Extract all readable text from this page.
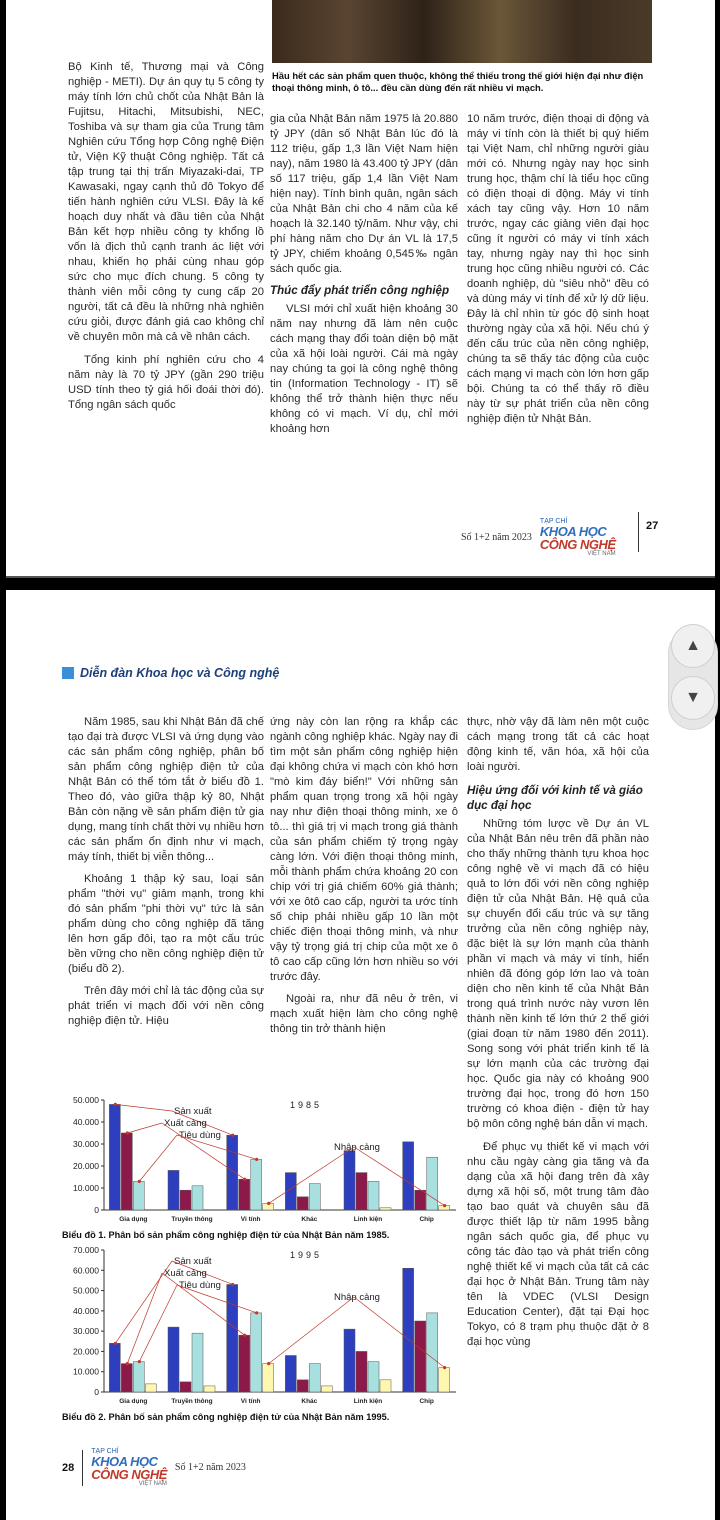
Hầu hết các sản phẩm quen thuộc, không thể thiếu trong thế giới hiện đại như điện thoại thông minh, ô tô... đều cần dùng đến rất nhiều vi mạch.

Bộ Kinh tế, Thương mại và Công nghiệp - METI). Dự án quy tụ 5 công ty máy tính lớn chủ chốt của Nhật Bản là Fujitsu, Hitachi, Mitsubishi, NEC, Toshiba và sự tham gia của Trung tâm Nghiên cứu Tổng hợp Công nghệ Điện tử, Viện Kỹ thuật Công nghiệp. Tất cả tập trung tại thị trấn Miyazaki-dai, TP Kawasaki, ngay cạnh thủ đô Tokyo để tiến hành nghiên cứu VLSI. Đây là kế hoạch duy nhất và đầu tiên của Nhật Bản kết hợp nhiều công ty khổng lồ vốn là địch thủ cạnh tranh ác liệt với nhau, khiến họ phải cùng nhau góp sức cho mục đích chung. 5 công ty thành viên mỗi công ty cung cấp 20 người, tất cả đều là những nhà nghiên cứu giỏi, được đánh giá cao không chỉ về chuyên môn mà cả về nhân cách.

Tổng kinh phí nghiên cứu cho 4 năm này là 70 tỷ JPY (gần 290 triệu USD tính theo tỷ giá hối đoái thời đó). Tổng ngân sách quốc

gia của Nhật Bản năm 1975 là 20.880 tỷ JPY (dân số Nhật Bản lúc đó là 112 triệu, gấp 1,3 lần Việt Nam hiện nay), năm 1980 là 43.400 tỷ JPY (dân số 117 triệu, gấp 1,4 lần Việt Nam hiện nay). Tính bình quân, ngân sách của Nhật Bản chi cho 4 năm của kế hoạch là 32.140 tỷ/năm. Như vậy, chi phí hàng năm cho Dự án VL là 17,5 tỷ JPY, chiếm khoảng 0,545‰ ngân sách quốc gia.

Thúc đẩy phát triển công nghiệp

VLSI mới chỉ xuất hiện khoảng 30 năm nay nhưng đã làm nên cuộc cách mạng thay đổi toàn diện bộ mặt của xã hội loài người. Cái mà ngày nay chúng ta gọi là công nghệ thông tin (Information Technology - IT) sẽ không thể trở thành hiện thực nếu không có vi mạch. Ví dụ, chỉ mới khoảng hơn

10 năm trước, điện thoại di động và máy vi tính còn là thiết bị quý hiếm tại Việt Nam, chỉ những người giàu mới có. Nhưng ngày nay học sinh trung học, thậm chí là tiểu học cũng có điện thoại di động. Máy vi tính xách tay cũng vậy. Hơn 10 năm trước, ngay các giảng viên đại học cũng ít người có máy vi tính xách tay, nhưng ngày nay thì học sinh trung học cũng nhiều người có. Các doanh nghiệp, dù "siêu nhỏ" đều có và dùng máy vi tính để xử lý dữ liệu. Đây là chỉ nhìn từ góc độ sinh hoạt thường ngày của xã hội. Nếu chú ý đến cấu trúc của nền công nghiệp, chúng ta sẽ thấy tác động của cuộc cách mạng vi mạch còn lớn hơn gấp bội. Chúng ta có thể thấy rõ điều này từ sự phát triển của nền công nghiệp điện tử Nhật Bản.

Số 1+2 năm 2023
TẠP CHÍ
KHOA HỌC
CÔNG NGHỆ
VIỆT NAM
27
Diễn đàn Khoa học và Công nghệ

Năm 1985, sau khi Nhật Bản đã chế tạo đại trà được VLSI và ứng dụng vào các sản phẩm công nghiệp, phân bố sản phẩm công nghiệp điện tử của Nhật Bản có thể tóm tắt ở biểu đồ 1. Theo đó, vào giữa thập kỷ 80, Nhật Bản còn nặng về sản phẩm điện tử gia dụng, mang tính chất thời vụ nhiều hơn các sản phẩm ổn định như vi mạch, máy tính, thiết bị viễn thông...

Khoảng 1 thập kỷ sau, loại sản phẩm "thời vụ" giảm mạnh, trong khi đó sản phẩm "phi thời vụ" tức là sản phẩm dùng cho công nghiệp đã tăng lên hơn gấp đôi, tạo ra một cấu trúc bền vững cho nền công nghiệp điện tử (biểu đồ 2).

Trên đây mới chỉ là tác động của sự phát triển vi mạch đối với nền công nghiệp điện tử. Hiệu

ứng này còn lan rộng ra khắp các ngành công nghiệp khác. Ngày nay đi tìm một sản phẩm công nghiệp hiện đại không chứa vi mạch còn khó hơn "mò kim đáy biển!" Với những sản phẩm quan trọng trong xã hội ngày nay như điện thoại thông minh, xe ô tô... thì giá trị vi mạch trong giá thành của sản phẩm chiếm tỷ trọng ngày càng lớn. Với điện thoại thông minh, mỗi thành phẩm chứa khoảng 20 con chip với trị giá chiếm 60% giá thành; với xe ôtô cao cấp, người ta ước tính số chip phải nhiều gấp 10 lần một chiếc điện thoại thông minh, và như vậy tỷ trọng giá trị chip của một xe ô tô cao cấp cũng lớn hơn nhiều so với trước đây.

Ngoài ra, như đã nêu ở trên, vi mạch xuất hiện làm cho công nghệ thông tin trở thành hiện

thực, nhờ vậy đã làm nên một cuộc cách mạng trong tất cả các hoạt động kinh tế, văn hóa, xã hội của loài người.

Hiệu ứng đối với kinh tế và giáo dục đại học

Những tóm lược về Dự án VL của Nhật Bản nêu trên đã phần nào cho thấy những thành tựu khoa học công nghệ về vi mạch đã có hiệu quả to lớn đối với nền công nghiệp điện tử của Nhật Bản. Hệ quả của sự chuyển đổi cấu trúc và sự tăng trưởng của nền công nghiệp này, đặc biệt là sự lớn mạnh của thành phần vi mạch và máy vi tính, hiển nhiên đã đóng góp lớn lao và toàn diện cho nền kinh tế của Nhật Bản trong quá trình nước này vươn lên thành nền kinh tế lớn thứ 2 thế giới (giai đoạn từ năm 1980 đến 2011). Song song với phát triển kinh tế là sự lớn mạnh của các trường đại học. Quốc gia này có khoảng 900 trường đại học, trong đó hơn 150 trường có khoa điện - điện tử hay bộ môn công nghệ bán dẫn vi mạch.

Để phục vụ thiết kế vi mạch với nhu cầu ngày càng gia tăng và đa dạng của xã hội đang trên đà xây dựng xã hội số, một trung tâm đào tạo bao quát và chuyên sâu đã được thiết lập từ năm 1995 bằng ngân sách quốc gia, để phục vụ công tác đào tạo và phát triển công nghệ thiết kế vi mạch của tất cả các đại học ở Nhật Bản. Trung tâm này tên là VDEC (VLSI Design Education Center), đặt tại Đại học Tokyo, có 8 trạm phụ thuộc đặt ở 8 đại học vùng

0
10.000
20.000
30.000
40.000
50.000	1985
Gia dụng	Truyền thông	Vi tính	Khác	Linh kiện	Chip
Sản xuất
Xuất cảng
Tiêu dùng
Nhập cảng
Biểu đồ 1. Phân bố sản phẩm công nghiệp điện tử của Nhật Bản năm 1985.
0
10.000
20.000
30.000
40.000
50.000
60.000
70.000	1995
Gia dụng	Truyền thông	Vi tính	Khác	Linh kiện	Chip
Sản xuất
Xuất cảng
Tiêu dùng
Nhập cảng
Biểu đồ 2. Phân bố sản phẩm công nghiệp điện tử của Nhật Bản năm 1995.
28
TẠP CHÍ
KHOA HỌC
CÔNG NGHỆ
VIỆT NAM
Số 1+2 năm 2023
▲
▼
